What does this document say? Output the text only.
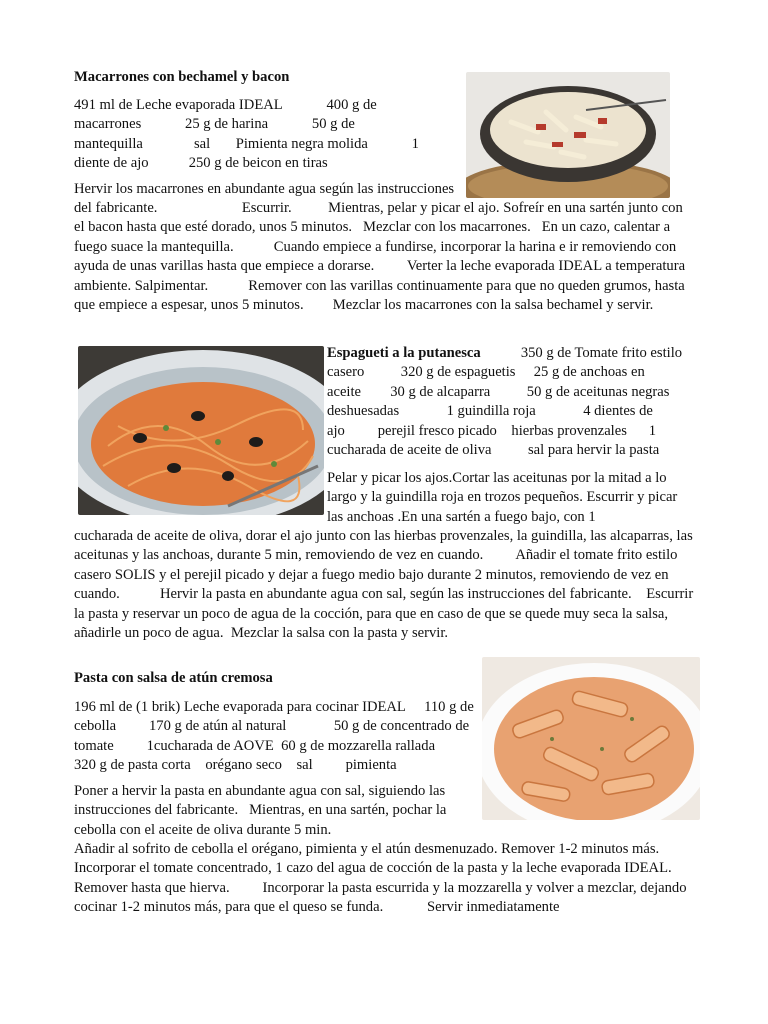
Macarrones con bechamel y bacon

491 ml de Leche evaporada IDEAL	400 g de macarrones	25 g de harina	50 g de mantequilla	sal Pimienta negra molida	1 diente de ajo	250 g de beicon en tiras
Hervir los macarrones en abundante agua según las instrucciones del fabricante.	Escurrir. Mientras, pelar y picar el ajo. Sofreír en una sartén junto con el bacon hasta que esté dorado, unos 5 minutos. Mezclar con los macarrones. En un cazo, calentar a fuego suace la mantequilla.	Cuando empiece a fundirse, incorporar la harina e ir removiendo con ayuda de unas varillas hasta que empiece a dorarse. Verter la leche evaporada IDEAL a temperatura ambiente. Salpimentar.	Remover con las varillas continuamente para que no queden grumos, hasta que empiece a espesar, unos 5 minutos. Mezclar los macarrones con la salsa bechamel y servir.
Espagueti a la putanesca	350 g de Tomate frito estilo casero 320 g de espaguetis 25 g de anchoas en aceite 30 g de alcaparra 50 g de aceitunas negras deshuesadas	1 guindilla roja	4 dientes de ajo perejil fresco picado hierbas provenzales 1 cucharada de aceite de oliva sal para hervir la pasta
Pelar y picar los ajos.Cortar las aceitunas por la mitad a lo largo y la guindilla roja en trozos pequeños. Escurrir y picar las anchoas .En una sartén a fuego bajo, con 1
cucharada de aceite de oliva, dorar el ajo junto con las hierbas provenzales, la guindilla, las alcaparras, las aceitunas y las anchoas, durante 5 min, removiendo de vez en cuando.         Añadir el tomate frito estilo casero SOLIS y el perejil picado y dejar a fuego medio bajo durante 2 minutos, removiendo de vez en cuando.	Hervir la pasta en abundante agua con sal, según las instrucciones del fabricante. Escurrir la pasta y reservar un poco de agua de la cocción, para que en caso de que se quede muy seca la salsa, añadirle un poco de agua. Mezclar la salsa con la pasta y servir.

Pasta con salsa de atún cremosa

196 ml de (1 brik) Leche evaporada para cocinar IDEAL 110 g de cebolla 170 g de atún al natural	50 g de concentrado de tomate 1cucharada de AOVE 60 g de mozzarella rallada            320 g de pasta corta orégano seco sal pimienta
Poner a hervir la pasta en abundante agua con sal, siguiendo las instrucciones del fabricante. Mientras, en una sartén, pochar la cebolla con el aceite de oliva durante 5 min.
Añadir al sofrito de cebolla el orégano, pimienta y el atún desmenuzado. Remover 1-2 minutos más.          Incorporar el tomate concentrado, 1 cazo del agua de cocción de la pasta y la leche evaporada IDEAL. Remover hasta que hierva. Incorporar la pasta escurrida y la mozzarella y volver a mezclar, dejando cocinar 1-2 minutos más, para que el queso se funda.	Servir inmediatamente
